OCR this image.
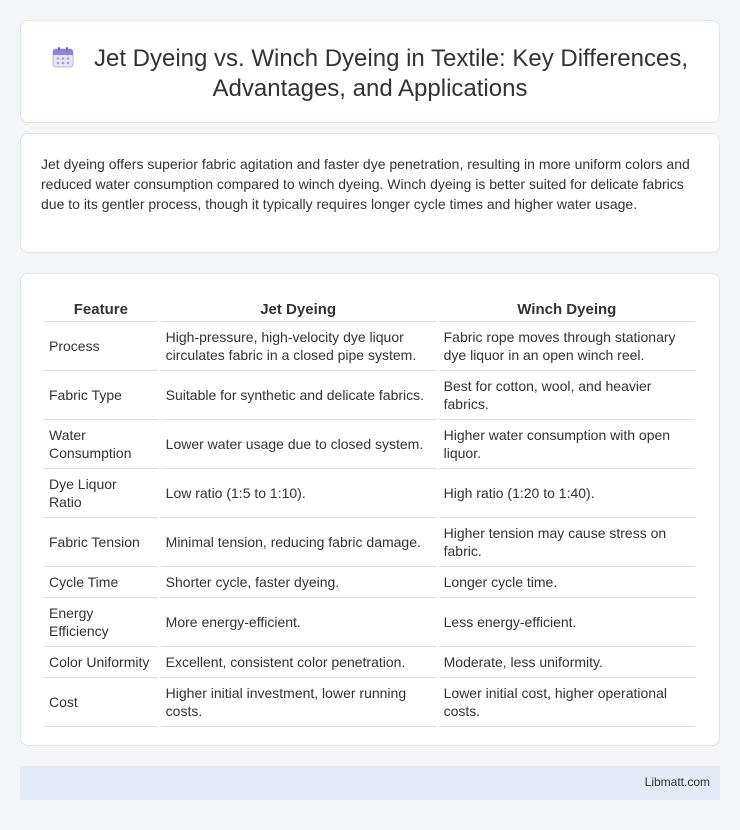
Jet Dyeing vs. Winch Dyeing in Textile: Key Differences,
Advantages, and Applications

Jet dyeing offers superior fabric agitation and faster dye penetration, resulting in more uniform colors and reduced water consumption compared to winch dyeing. Winch dyeing is better suited for delicate fabrics due to its gentler process, though it typically requires longer cycle times and higher water usage.

Feature	Jet Dyeing	Winch Dyeing
Process	High-pressure, high-velocity dye liquor circulates fabric in a closed pipe system.	Fabric rope moves through stationary dye liquor in an open winch reel.
Fabric Type	Suitable for synthetic and delicate fabrics.	Best for cotton, wool, and heavier fabrics.
Water Consumption	Lower water usage due to closed system.	Higher water consumption with open liquor.
Dye Liquor Ratio	Low ratio (1:5 to 1:10).	High ratio (1:20 to 1:40).
Fabric Tension	Minimal tension, reducing fabric damage.	Higher tension may cause stress on fabric.
Cycle Time	Shorter cycle, faster dyeing.	Longer cycle time.
Energy Efficiency	More energy-efficient.	Less energy-efficient.
Color Uniformity	Excellent, consistent color penetration.	Moderate, less uniformity.
Cost	Higher initial investment, lower running costs.	Lower initial cost, higher operational costs.
Libmatt.com
